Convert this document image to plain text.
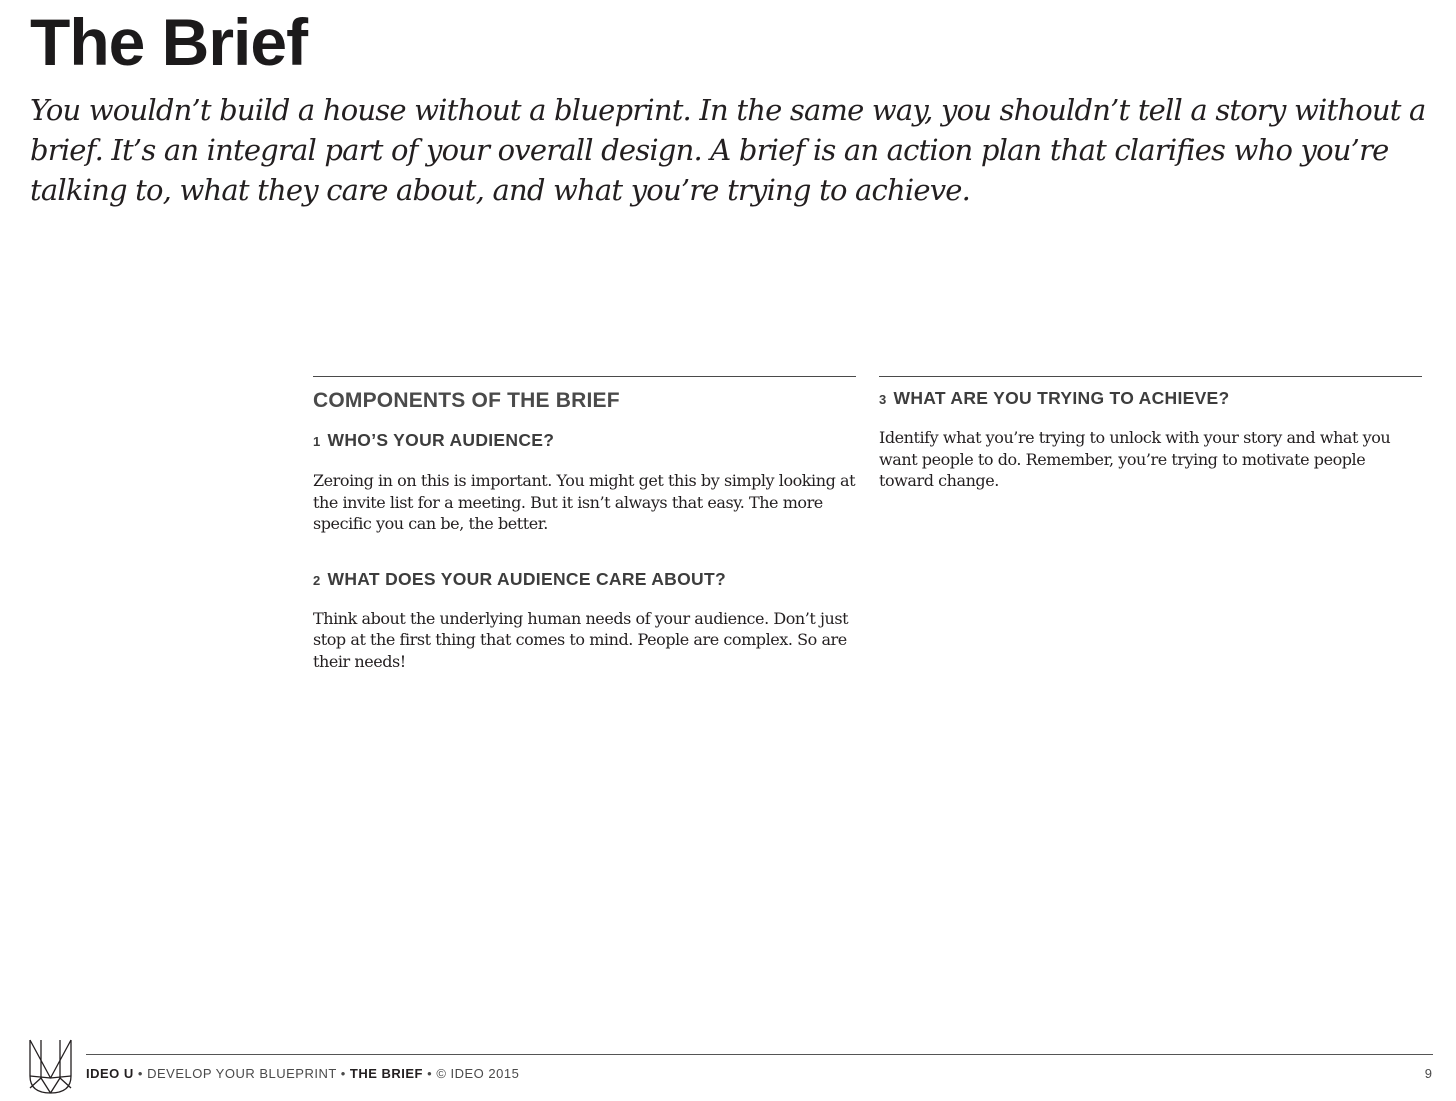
The Brief

You wouldn’t build a house without a blueprint. In the same way, you shouldn’t tell a story without a brief. It’s an integral part of your overall design. A brief is an action plan that clarifies who you’re talking to, what they care about, and what you’re trying to achieve.

COMPONENTS OF THE BRIEF
1 WHO’S YOUR AUDIENCE?

Zeroing in on this is important. You might get this by simply looking at the invite list for a meeting. But it isn’t always that easy. The more specific you can be, the better.

2 WHAT DOES YOUR AUDIENCE CARE ABOUT?

Think about the underlying human needs of your audience. Don’t just stop at the first thing that comes to mind. People are complex. So are their needs!

3 WHAT ARE YOU TRYING TO ACHIEVE?

Identify what you’re trying to unlock with your story and what you want people to do. Remember, you’re trying to motivate people toward change.

IDEO U • DEVELOP YOUR BLUEPRINT • THE BRIEF • © IDEO 2015	9
